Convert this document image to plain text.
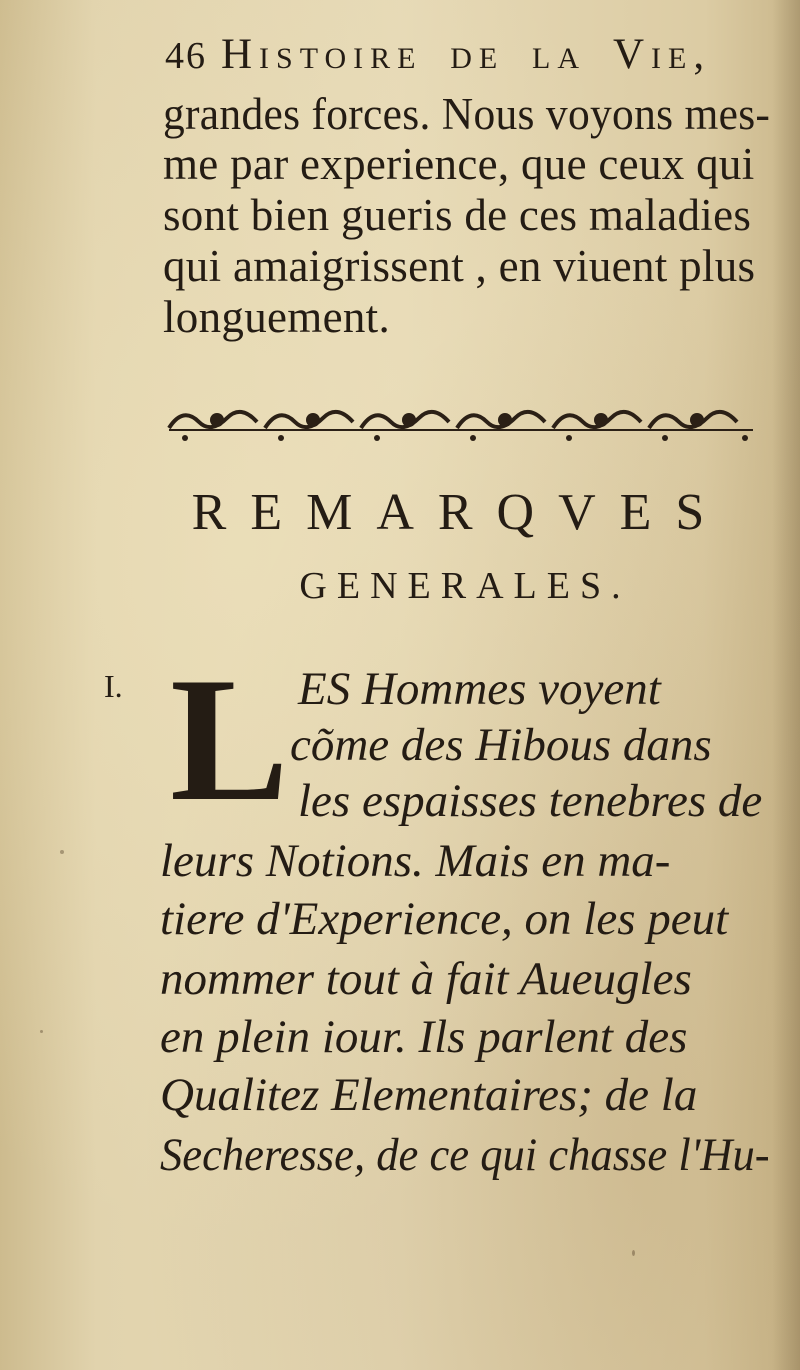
46 Histoire de la Vie,
grandes forces. Nous voyons mes-
me par experience, que ceux qui
sont bien gueris de ces maladies
qui amaigrissent , en viuent plus
longuement.
REMARQVES
GENERALES.
I. L ES Hommes voyent
cõme des Hibous dans
les espaisses tenebres de
leurs Notions. Mais en ma-
tiere d'Experience, on les peut
nommer tout à fait Aueugles
en plein iour. Ils parlent des
Qualitez Elementaires; de la
Secheresse, de ce qui chasse l'Hu-
